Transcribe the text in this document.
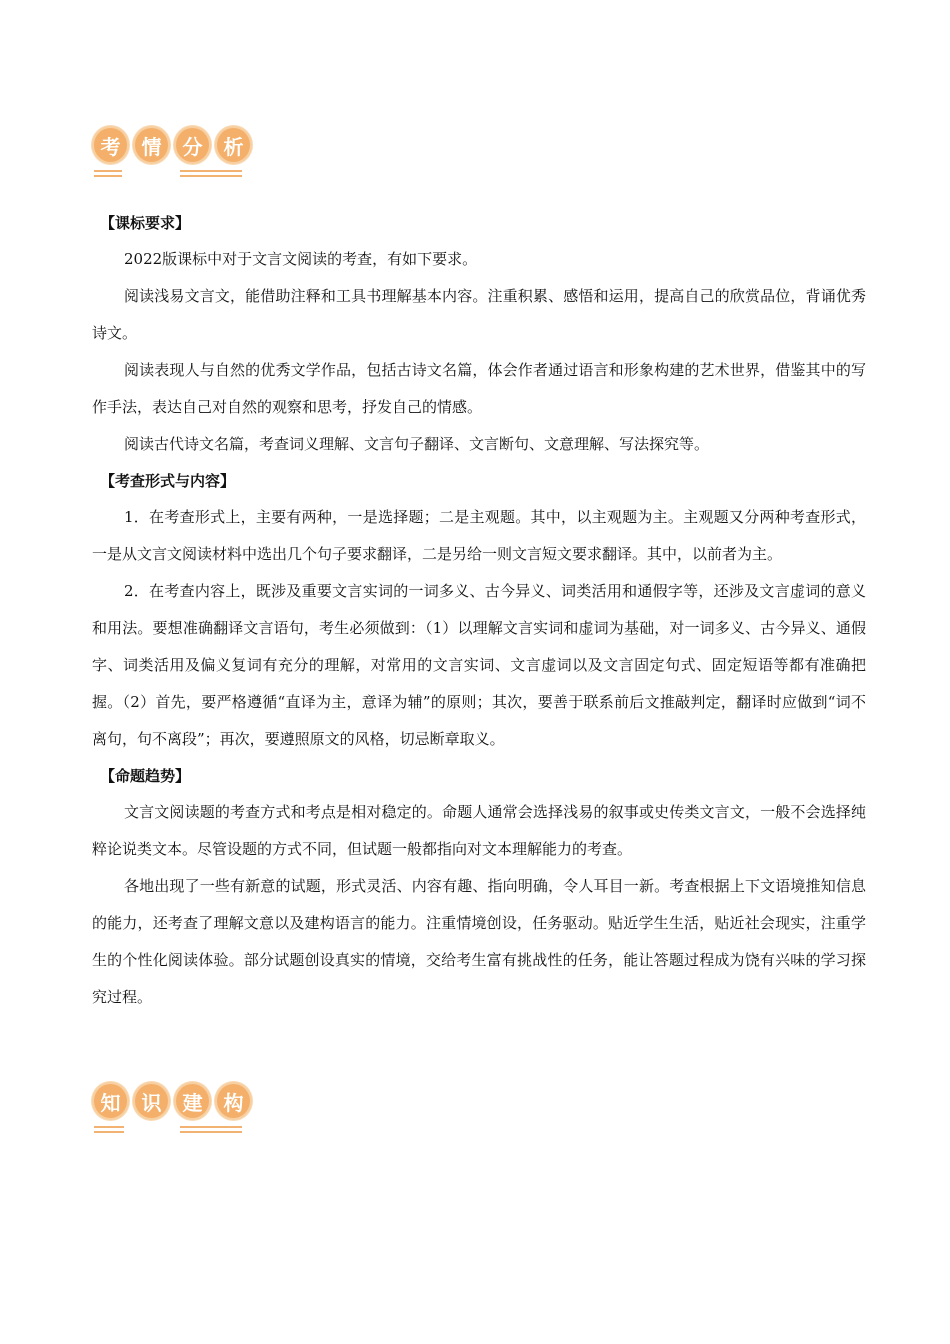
考	情	分	析
【课标要求】

2022版课标中对于文言文阅读的考查，有如下要求。

阅读浅易文言文，能借助注释和工具书理解基本内容。注重积累、感悟和运用，提高自己的欣赏品位，背诵优秀诗文。

阅读表现人与自然的优秀文学作品，包括古诗文名篇，体会作者通过语言和形象构建的艺术世界，借鉴其中的写作手法，表达自己对自然的观察和思考，抒发自己的情感。

阅读古代诗文名篇，考查词义理解、文言句子翻译、文言断句、文意理解、写法探究等。

【考查形式与内容】

1．在考查形式上，主要有两种，一是选择题；二是主观题。其中，以主观题为主。主观题又分两种考查形式，一是从文言文阅读材料中选出几个句子要求翻译，二是另给一则文言短文要求翻译。其中，以前者为主。

2．在考查内容上，既涉及重要文言实词的一词多义、古今异义、词类活用和通假字等，还涉及文言虚词的意义和用法。要想准确翻译文言语句，考生必须做到：（1）以理解文言实词和虚词为基础，对一词多义、古今异义、通假字、词类活用及偏义复词有充分的理解，对常用的文言实词、文言虚词以及文言固定句式、固定短语等都有准确把握。（2）首先，要严格遵循“直译为主，意译为辅”的原则；其次，要善于联系前后文推敲判定，翻译时应做到“词不离句，句不离段”；再次，要遵照原文的风格，切忌断章取义。

【命题趋势】

文言文阅读题的考查方式和考点是相对稳定的。命题人通常会选择浅易的叙事或史传类文言文，一般不会选择纯粹论说类文本。尽管设题的方式不同，但试题一般都指向对文本理解能力的考查。

各地出现了一些有新意的试题，形式灵活、内容有趣、指向明确，令人耳目一新。考查根据上下文语境推知信息的能力，还考查了理解文意以及建构语言的能力。注重情境创设，任务驱动。贴近学生生活，贴近社会现实，注重学生的个性化阅读体验。部分试题创设真实的情境，交给考生富有挑战性的任务，能让答题过程成为饶有兴味的学习探究过程。

知	识	建	构
